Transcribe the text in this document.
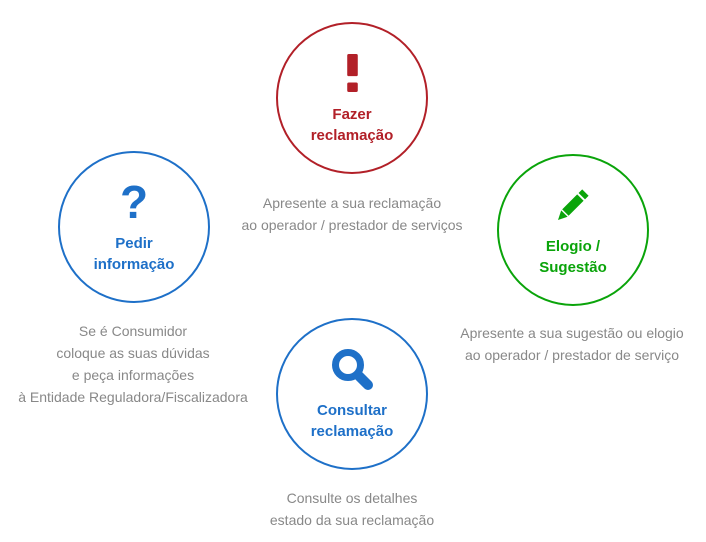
Fazer
reclamação
Apresente a sua reclamação
ao operador / prestador de serviços
?
Pedir
informação
Se é Consumidor
coloque as suas dúvidas
e peça informações
à Entidade Reguladora/Fiscalizadora
Elogio /
Sugestão
Apresente a sua sugestão ou elogio
ao operador / prestador de serviço
Consultar
reclamação
Consulte os detalhes
estado da sua reclamação
